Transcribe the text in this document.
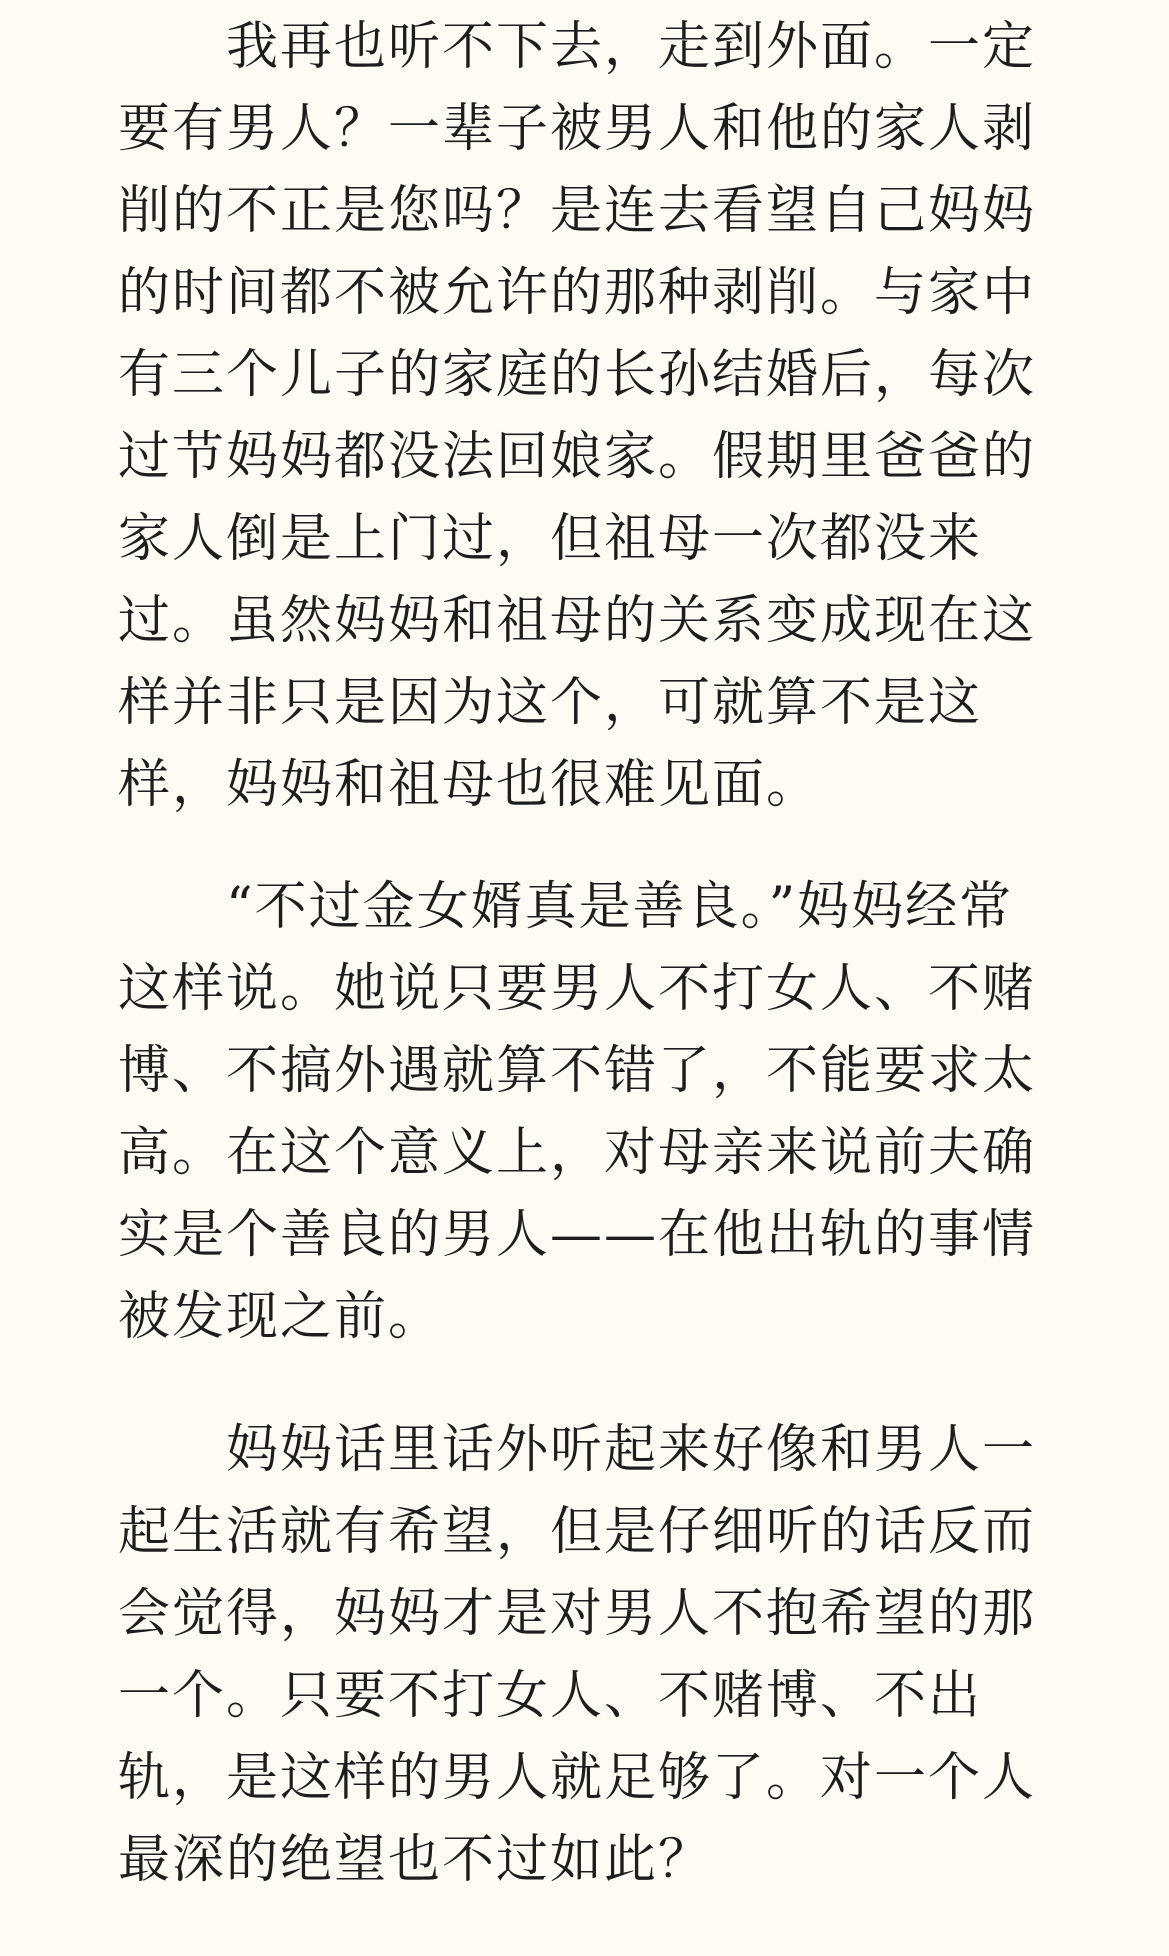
　　我再也听不下去，走到外面。一定
要有男人？一辈子被男人和他的家人剥
削的不正是您吗？是连去看望自己妈妈
的时间都不被允许的那种剥削。与家中
有三个儿子的家庭的长孙结婚后，每次
过节妈妈都没法回娘家。假期里爸爸的
家人倒是上门过，但祖母一次都没来
过。虽然妈妈和祖母的关系变成现在这
样并非只是因为这个，可就算不是这
样，妈妈和祖母也很难见面。
　　“不过金女婿真是善良。”妈妈经常
这样说。她说只要男人不打女人、不赌
博、不搞外遇就算不错了，不能要求太
高。在这个意义上，对母亲来说前夫确
实是个善良的男人——在他出轨的事情
被发现之前。
　　妈妈话里话外听起来好像和男人一
起生活就有希望，但是仔细听的话反而
会觉得，妈妈才是对男人不抱希望的那
一个。只要不打女人、不赌博、不出
轨，是这样的男人就足够了。对一个人
最深的绝望也不过如此？
